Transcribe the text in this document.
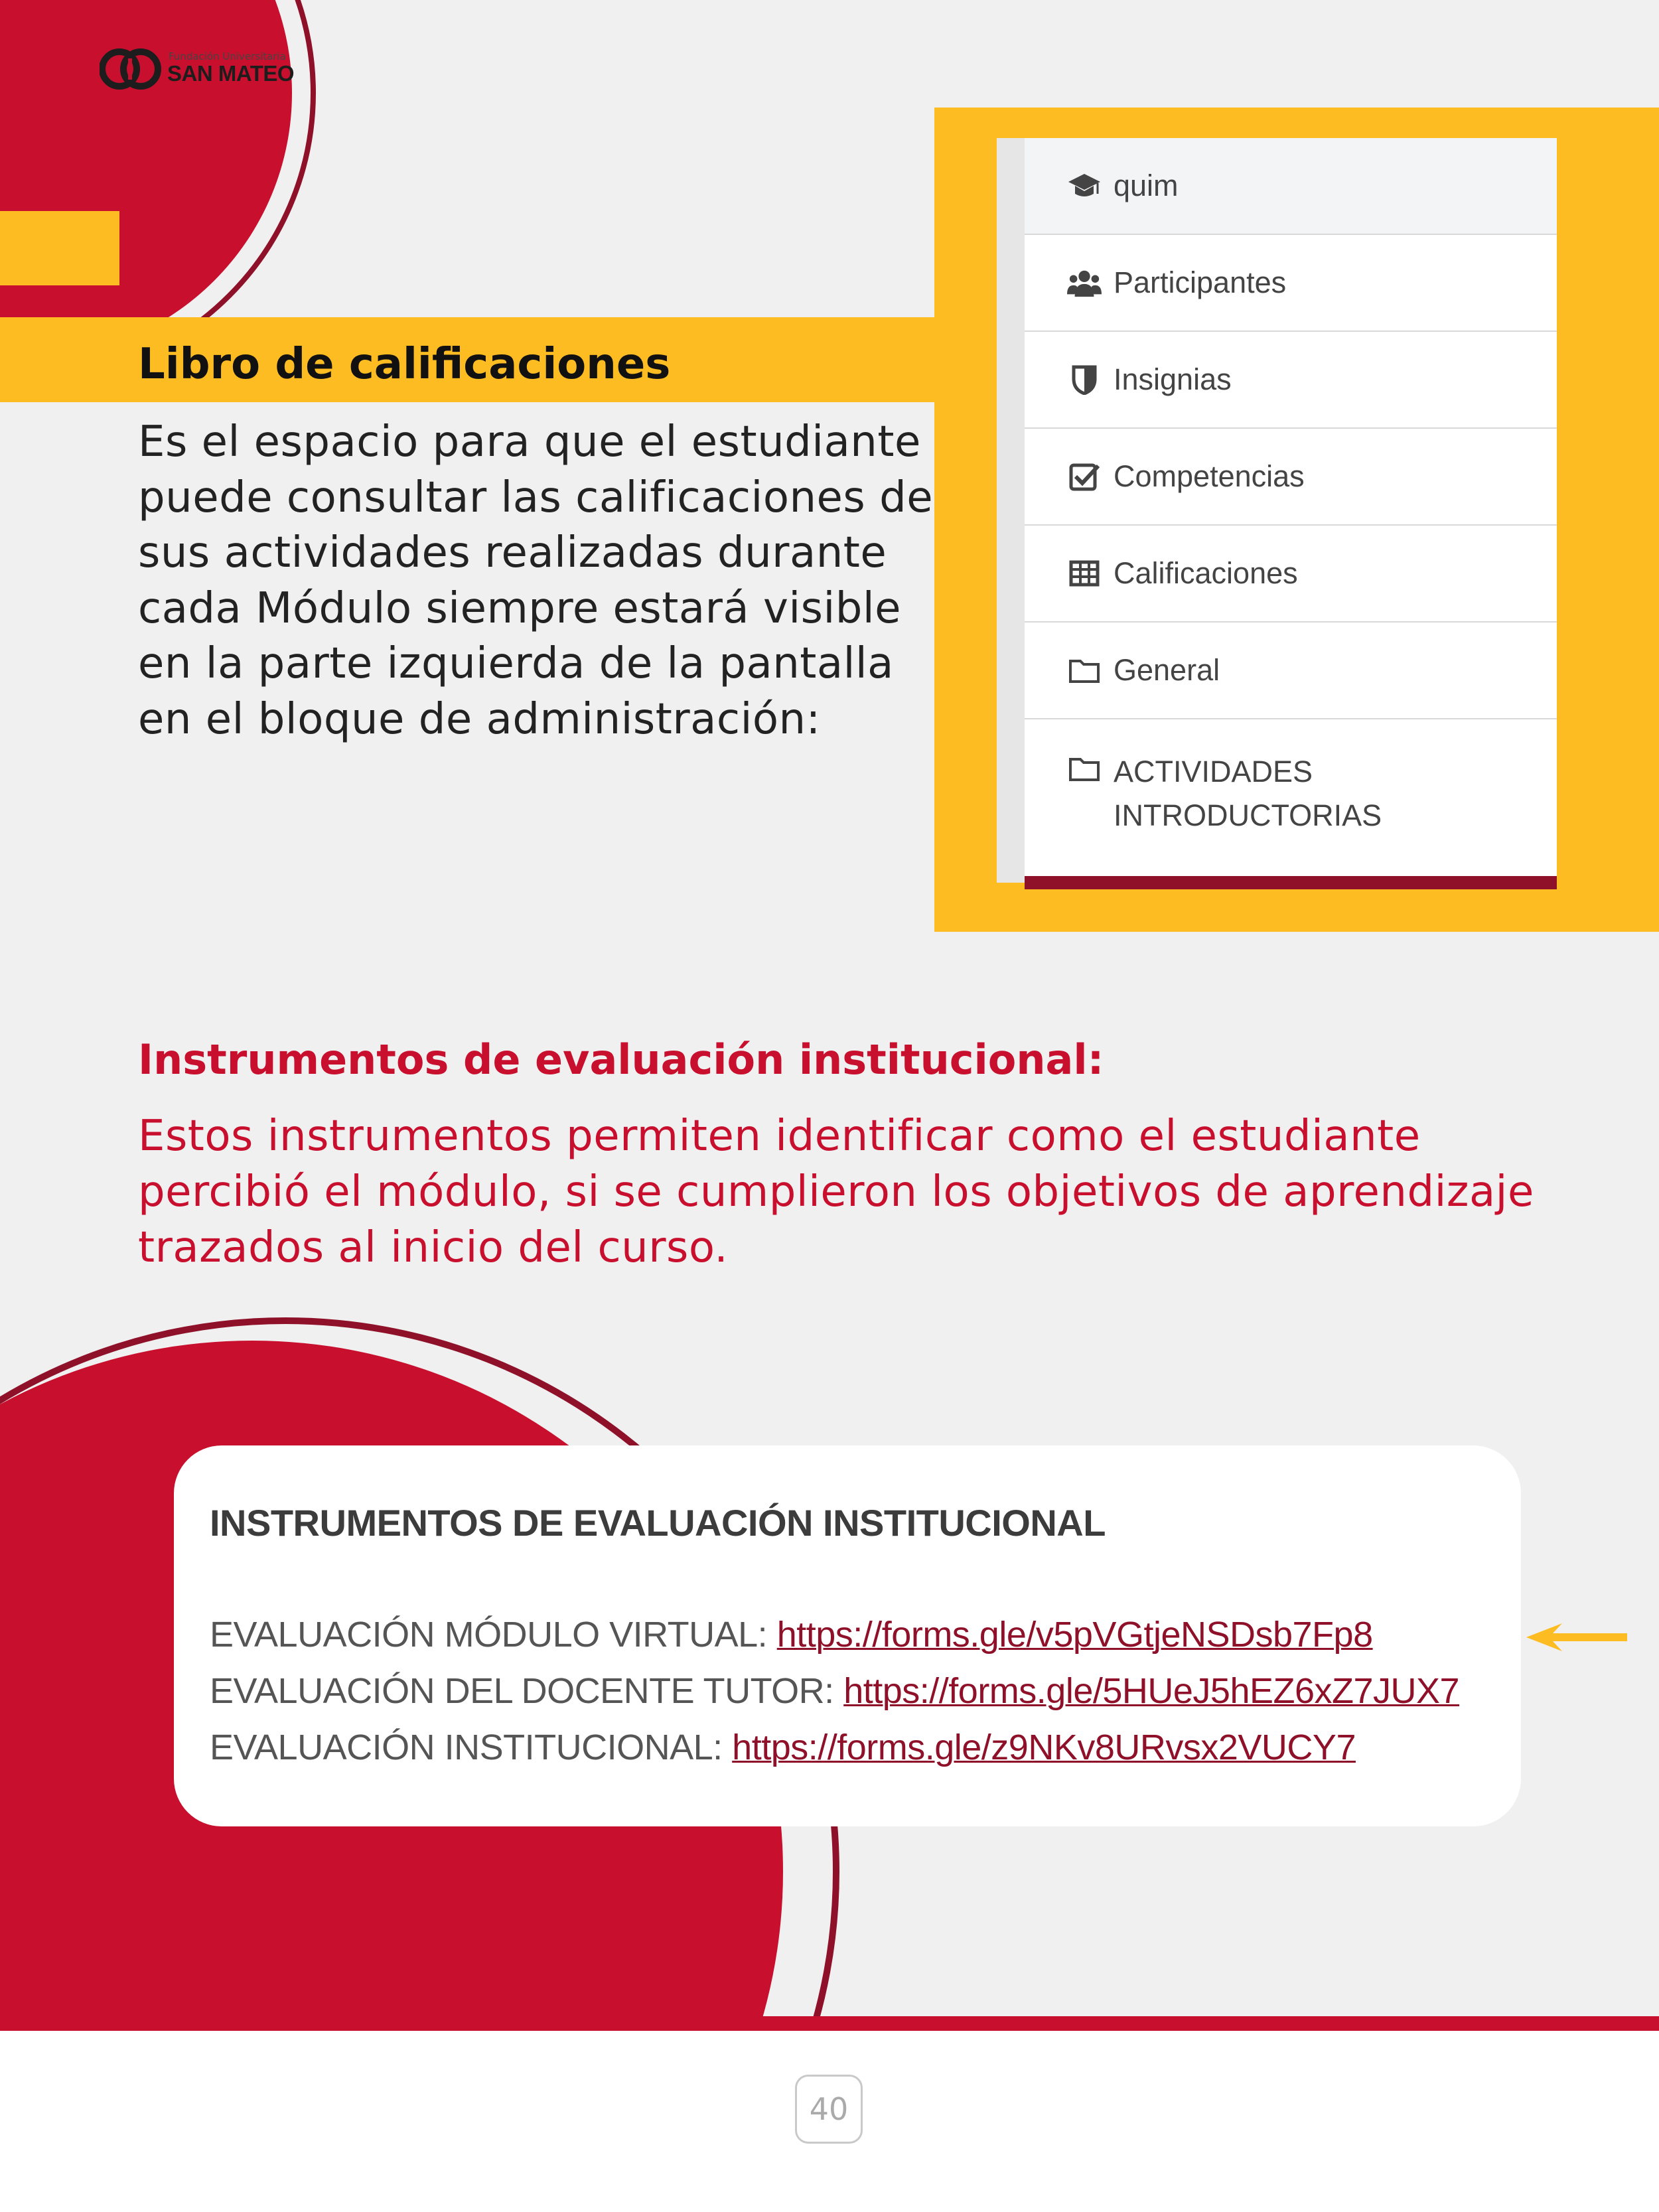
Fundación Universitaria
SAN MATEO
Libro de calificaciones

Es el espacio para que el estudiante puede consultar las calificaciones de sus actividades realizadas durante cada Módulo siempre estará visible en la parte izquierda de la pantalla en el bloque de administración:

quim
Participantes
Insignias
Competencias
Calificaciones
General
ACTIVIDADES
INTRODUCTORIAS
Instrumentos de evaluación institucional:

Estos instrumentos permiten identificar como el estudiante percibió el módulo, si se cumplieron los objetivos de aprendizaje trazados al inicio del curso.

INSTRUMENTOS DE EVALUACIÓN INSTITUCIONAL
EVALUACIÓN MÓDULO VIRTUAL: https://forms.gle/v5pVGtjeNSDsb7Fp8
EVALUACIÓN DEL DOCENTE TUTOR: https://forms.gle/5HUeJ5hEZ6xZ7JUX7
EVALUACIÓN INSTITUCIONAL: https://forms.gle/z9NKv8URvsx2VUCY7
40
